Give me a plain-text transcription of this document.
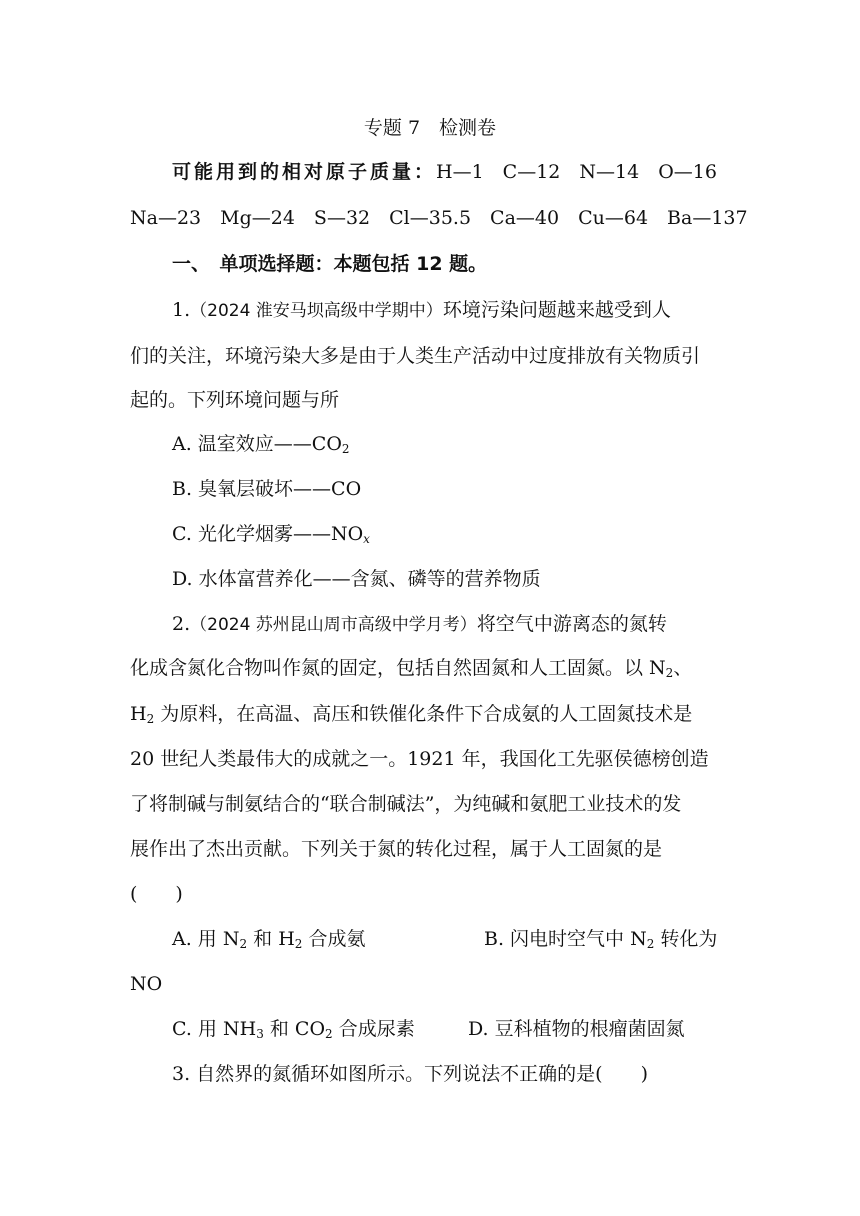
专题 7　检测卷
可能用到的相对原子质量：H—1　C—12　N—14　O—16
Na—23　Mg—24　S—32　Cl—35.5　Ca—40　Cu—64　Ba—137
一、　单项选择题：本题包括 12 题。
1.（2024 淮安马坝高级中学期中）环境污染问题越来越受到人
们的关注，环境污染大多是由于人类生产活动中过度排放有关物质引
起的。下列环境问题与所
A. 温室效应$——CO_2$
B. 臭氧层破坏——CO
C. 光化学烟雾$——NO_x$
D. 水体富营养化——含氮、磷等的营养物质
2.（2024 苏州昆山周市高级中学月考）将空气中游离态的氮转
化成含氮化合物叫作氮的固定，包括自然固氮和人工固氮。以 $N_2$、
$H_2$ 为原料，在高温、高压和铁催化条件下合成氨的人工固氮技术是
20 世纪人类最伟大的成就之一。1921 年，我国化工先驱侯德榜创造
了将制碱与制氨结合的“联合制碱法”，为纯碱和氨肥工业技术的发
展作出了杰出贡献。下列关于氮的转化过程，属于人工固氮的是
(　　)
A. 用 $N_2$ 和 $H_2$ 合成氨	B. 闪电时空气中 $N_2$ 转化为
NO
C. 用 $NH_3$ 和 $CO_2$ 合成尿素	D. 豆科植物的根瘤菌固氮
3. 自然界的氮循环如图所示。下列说法不正确的是(　　)
